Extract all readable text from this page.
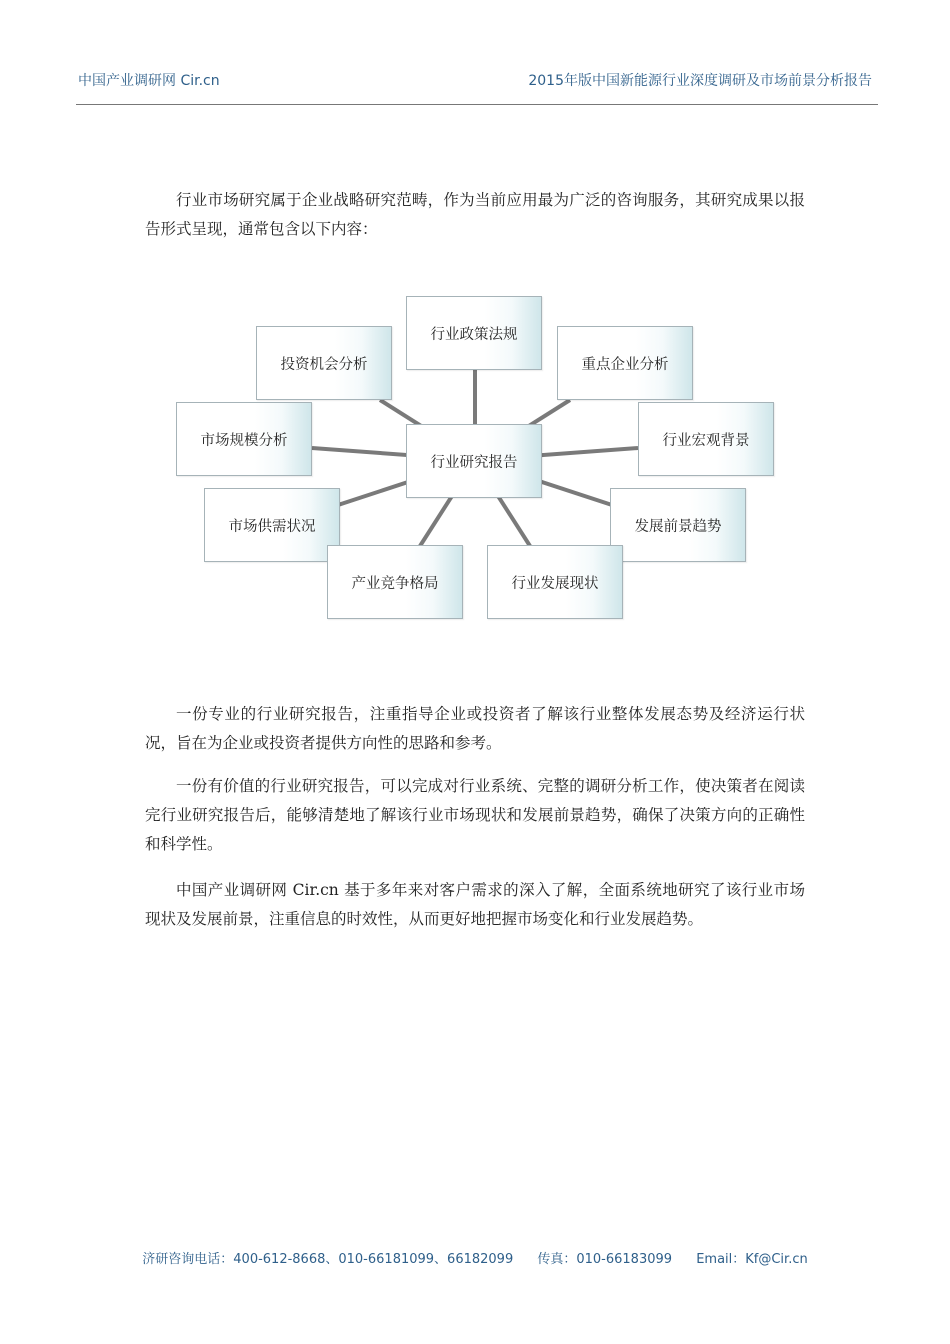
中国产业调研网 Cir.cn	2015年版中国新能源行业深度调研及市场前景分析报告

行业市场研究属于企业战略研究范畴，作为当前应用最为广泛的咨询服务，其研究成果以报告形式呈现，通常包含以下内容：

行业政策法规
投资机会分析	重点企业分析
市场规模分析	行业宏观背景
行业研究报告
市场供需状况	发展前景趋势
产业竞争格局	行业发展现状

一份专业的行业研究报告，注重指导企业或投资者了解该行业整体发展态势及经济运行状况，旨在为企业或投资者提供方向性的思路和参考。

一份有价值的行业研究报告，可以完成对行业系统、完整的调研分析工作，使决策者在阅读完行业研究报告后，能够清楚地了解该行业市场现状和发展前景趋势，确保了决策方向的正确性和科学性。

中国产业调研网 Cir.cn 基于多年来对客户需求的深入了解，全面系统地研究了该行业市场现状及发展前景，注重信息的时效性，从而更好地把握市场变化和行业发展趋势。

济研咨询电话：400-612-8668、010-66181099、66182099 传真：010-66183099 Email：Kf@Cir.cn
